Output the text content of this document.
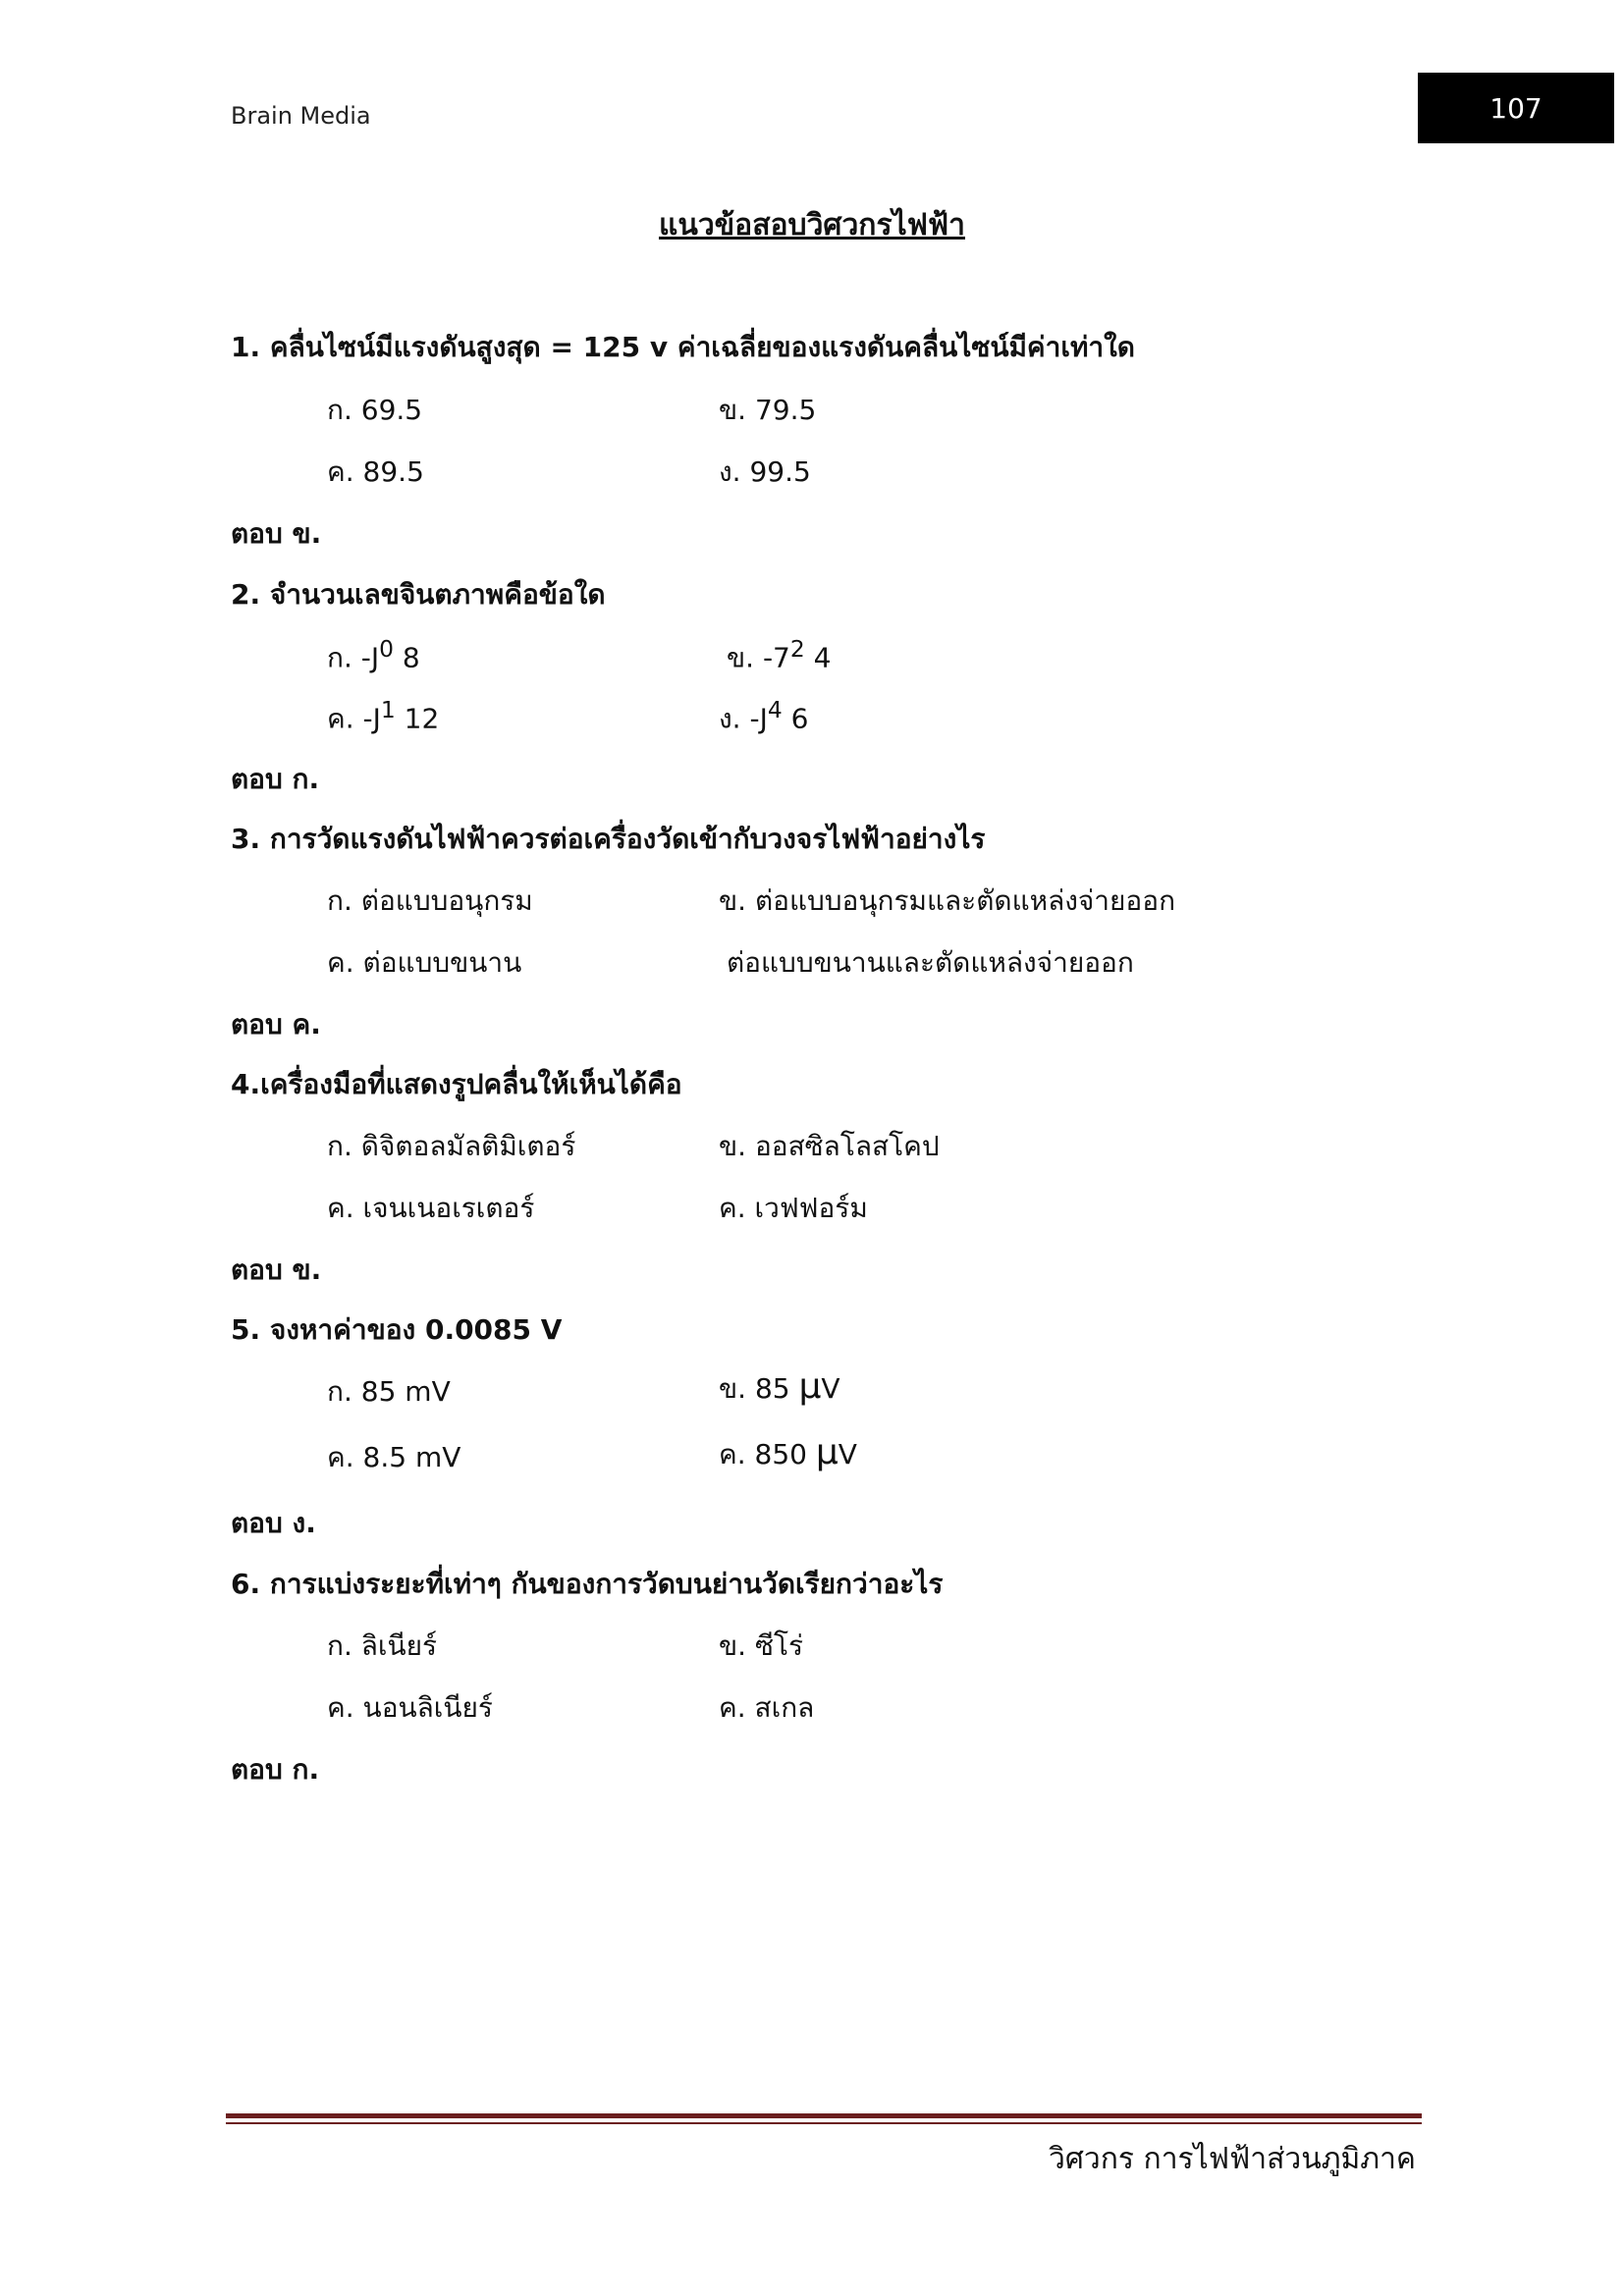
Brain Media	107
แนวข้อสอบวิศวกรไฟฟ้า
1. คลื่นไซน์มีแรงดันสูงสุด = 125 v ค่าเฉลี่ยของแรงดันคลื่นไซน์มีค่าเท่าใด
ก. 69.5	ข. 79.5
ค. 89.5	ง. 99.5
ตอบ ข.
2. จำนวนเลขจินตภาพคือข้อใด
ก. $-J^0$ 8	ข. $-7^2$ 4
ค. $-J^1$ 12	ง. $-J^4$ 6
ตอบ ก.
3. การวัดแรงดันไฟฟ้าควรต่อเครื่องวัดเข้ากับวงจรไฟฟ้าอย่างไร
ก. ต่อแบบอนุกรม	ข. ต่อแบบอนุกรมและตัดแหล่งจ่ายออก
ค. ต่อแบบขนาน	ต่อแบบขนานและตัดแหล่งจ่ายออก
ตอบ ค.
4.เครื่องมือที่แสดงรูปคลื่นให้เห็นได้คือ
ก. ดิจิตอลมัลติมิเตอร์	ข. ออสซิลโลสโคป
ค. เจนเนอเรเตอร์	ค. เวฟฟอร์ม
ตอบ ข.
5. จงหาค่าของ 0.0085 V
ก. 85 mV	ข. 85 µV
ค. 8.5 mV	ค. 850 µV
ตอบ ง.
6. การแบ่งระยะที่เท่าๆ กันของการวัดบนย่านวัดเรียกว่าอะไร
ก. ลิเนียร์	ข. ซีโร่
ค. นอนลิเนียร์	ค. สเกล
ตอบ ก.
วิศวกร การไฟฟ้าส่วนภูมิภาค
